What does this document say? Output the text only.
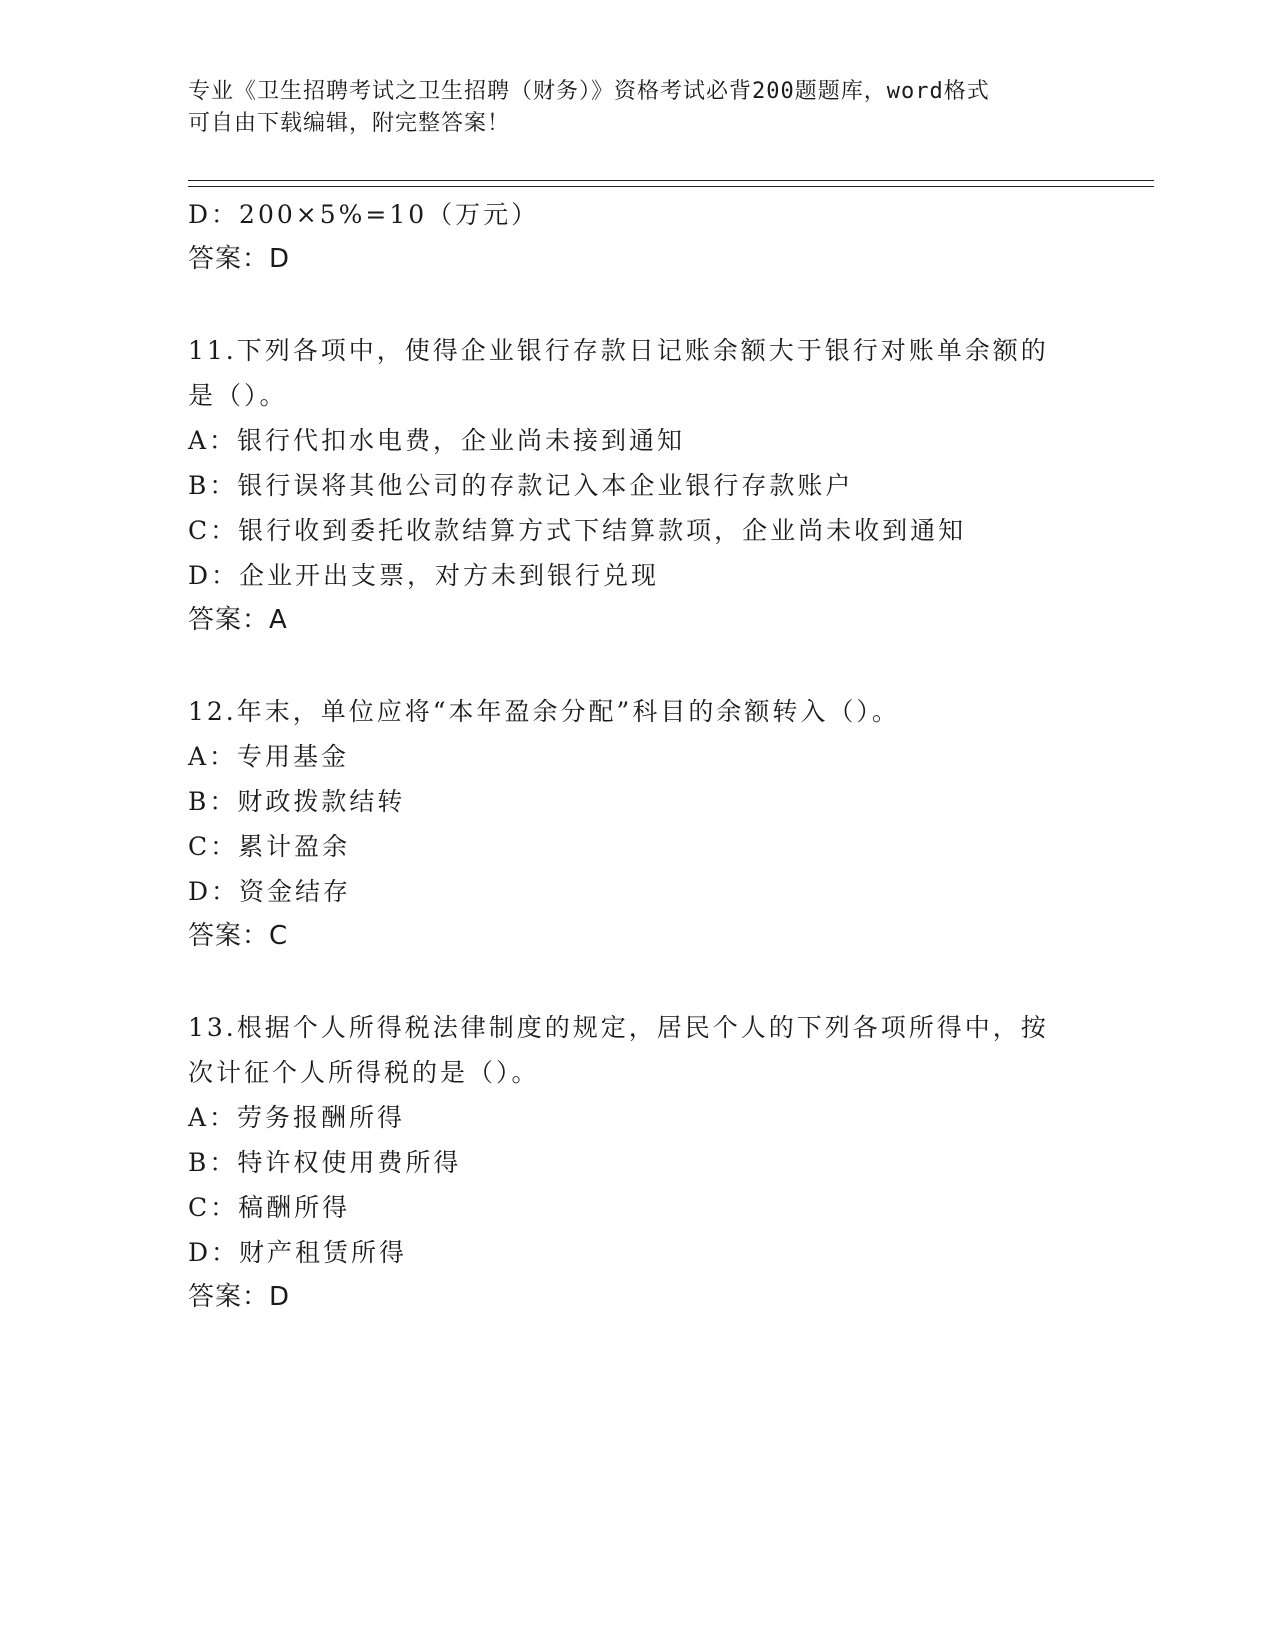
专业《卫生招聘考试之卫生招聘（财务）》资格考试必背200题题库，word格式
可自由下载编辑，附完整答案！
D：200×5%=10（万元）
答案：D
11.下列各项中，使得企业银行存款日记账余额大于银行对账单余额的
是（）。
A：银行代扣水电费，企业尚未接到通知
B：银行误将其他公司的存款记入本企业银行存款账户
C：银行收到委托收款结算方式下结算款项，企业尚未收到通知
D：企业开出支票，对方未到银行兑现
答案：A
12.年末，单位应将“本年盈余分配”科目的余额转入（）。
A：专用基金
B：财政拨款结转
C：累计盈余
D：资金结存
答案：C
13.根据个人所得税法律制度的规定，居民个人的下列各项所得中，按
次计征个人所得税的是（）。
A：劳务报酬所得
B：特许权使用费所得
C：稿酬所得
D：财产租赁所得
答案：D
